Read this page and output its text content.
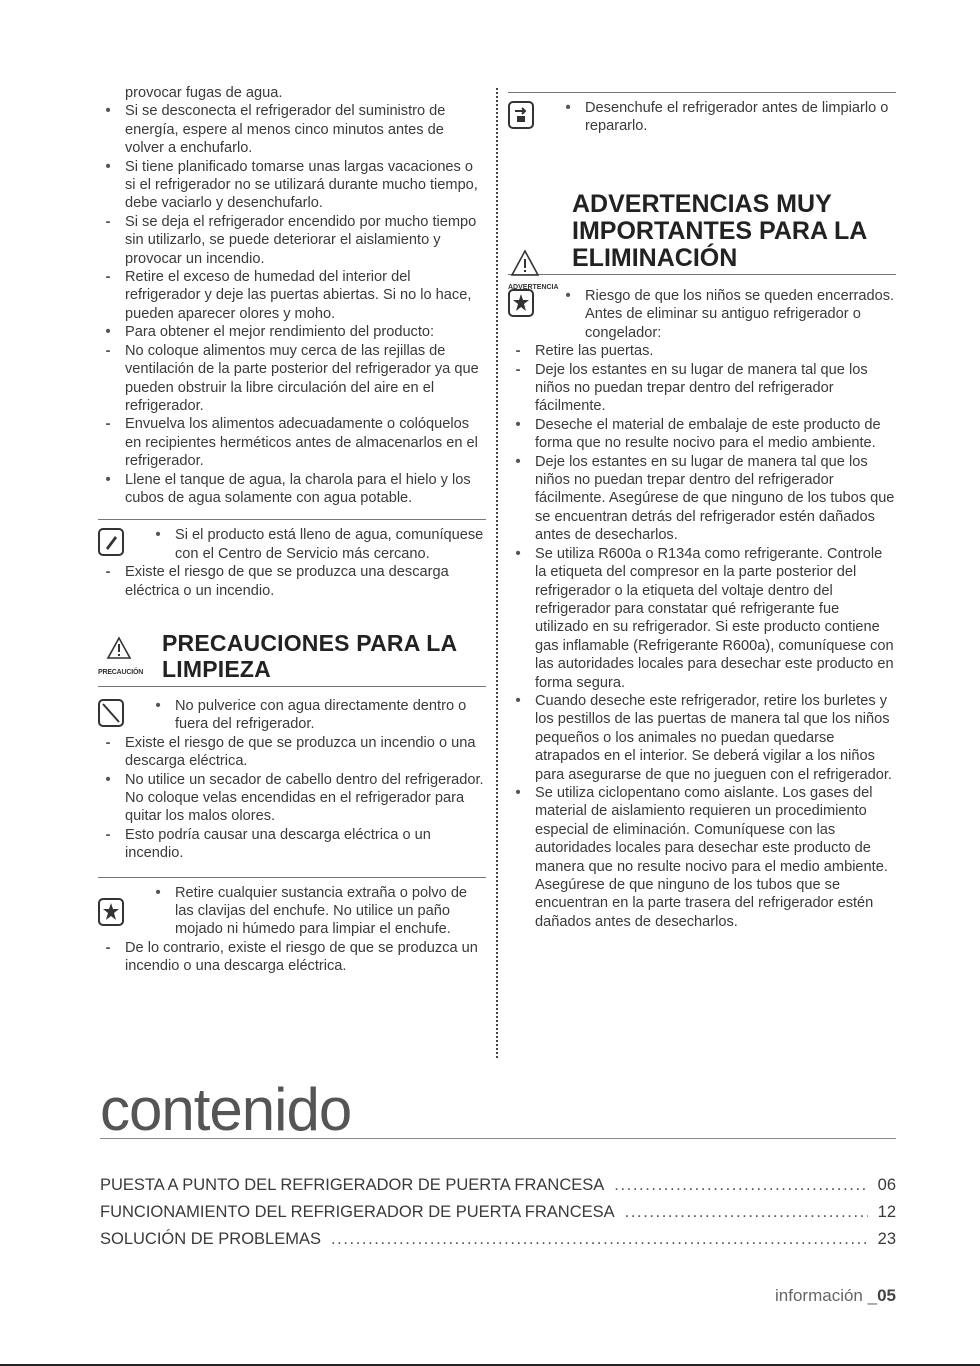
provocar fugas de agua.
• Si se desconecta el refrigerador del suministro de energía, espere al menos cinco minutos antes de volver a enchufarlo.
• Si tiene planificado tomarse unas largas vacaciones o si el refrigerador no se utilizará durante mucho tiempo, debe vaciarlo y desenchufarlo.
- Si se deja el refrigerador encendido por mucho tiempo sin utilizarlo, se puede deteriorar el aislamiento y provocar un incendio.
- Retire el exceso de humedad del interior del refrigerador y deje las puertas abiertas. Si no lo hace, pueden aparecer olores y moho.
• Para obtener el mejor rendimiento del producto:
- No coloque alimentos muy cerca de las rejillas de ventilación de la parte posterior del refrigerador ya que pueden obstruir la libre circulación del aire en el refrigerador.
- Envuelva los alimentos adecuadamente o colóquelos en recipientes herméticos antes de almacenarlos en el refrigerador.
• Llene el tanque de agua, la charola para el hielo y los cubos de agua solamente con agua potable.
• Si el producto está lleno de agua, comuníquese con el Centro de Servicio más cercano.
- Existe el riesgo de que se produzca una descarga eléctrica o un incendio.
PRECAUCIÓN
PRECAUCIONES PARA LA
LIMPIEZA
• No pulverice con agua directamente dentro o fuera del refrigerador.
- Existe el riesgo de que se produzca un incendio o una descarga eléctrica.
• No utilice un secador de cabello dentro del refrigerador. No coloque velas encendidas en el refrigerador para quitar los malos olores.
- Esto podría causar una descarga eléctrica o un incendio.
• Retire cualquier sustancia extraña o polvo de las clavijas del enchufe. No utilice un paño mojado ni húmedo para limpiar el enchufe.
- De lo contrario, existe el riesgo de que se produzca un incendio o una descarga eléctrica.
• Desenchufe el refrigerador antes de limpiarlo o repararlo.
ADVERTENCIA
ADVERTENCIAS MUY
IMPORTANTES PARA LA
ELIMINACIÓN
• Riesgo de que los niños se queden encerrados. Antes de eliminar su antiguo refrigerador o congelador:
- Retire las puertas.
- Deje los estantes en su lugar de manera tal que los niños no puedan trepar dentro del refrigerador fácilmente.
• Deseche el material de embalaje de este producto de forma que no resulte nocivo para el medio ambiente.
• Deje los estantes en su lugar de manera tal que los niños no puedan trepar dentro del refrigerador fácilmente. Asegúrese de que ninguno de los tubos que se encuentran detrás del refrigerador estén dañados antes de desecharlos.
• Se utiliza R600a o R134a como refrigerante. Controle la etiqueta del compresor en la parte posterior del refrigerador o la etiqueta del voltaje dentro del refrigerador para constatar qué refrigerante fue utilizado en su refrigerador. Si este producto contiene gas inflamable (Refrigerante R600a), comuníquese con las autoridades locales para desechar este producto en forma segura.
• Cuando deseche este refrigerador, retire los burletes y los pestillos de las puertas de manera tal que los niños pequeños o los animales no puedan quedarse atrapados en el interior. Se deberá vigilar a los niños para asegurarse de que no jueguen con el refrigerador.
• Se utiliza ciclopentano como aislante. Los gases del material de aislamiento requieren un procedimiento especial de eliminación. Comuníquese con las autoridades locales para desechar este producto de manera que no resulte nocivo para el medio ambiente. Asegúrese de que ninguno de los tubos que se encuentran en la parte trasera del refrigerador estén dañados antes de desecharlos.
contenido
PUESTA A PUNTO DEL REFRIGERADOR DE PUERTA FRANCESA .....	06
FUNCIONAMIENTO DEL REFRIGERADOR DE PUERTA FRANCESA .....	12
SOLUCIÓN DE PROBLEMAS .....	23
información _05
